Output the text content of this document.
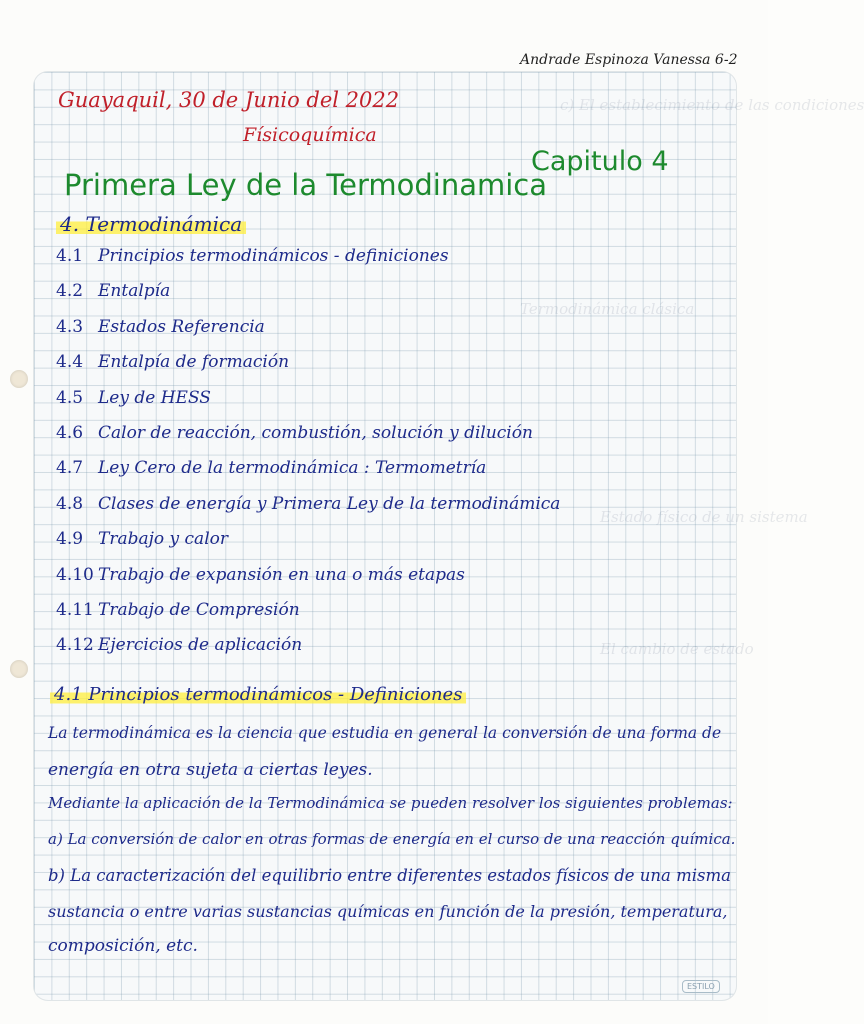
c) El establecimiento de las condiciones
Termodinámica clásica
Estado físico de un sistema
El cambio de estado
Andrade Espinoza Vanessa 6-2
Guayaquil, 30 de Junio del 2022
Físicoquímica
Capitulo 4
Primera Ley de la Termodinamica
4. Termodinámica
4.1 Principios termodinámicos - definiciones
4.2 Entalpía
4.3 Estados Referencia
4.4 Entalpía de formación
4.5 Ley de HESS
4.6 Calor de reacción, combustión, solución y dilución
4.7 Ley Cero de la termodinámica : Termometría
4.8 Clases de energía y Primera Ley de la termodinámica
4.9 Trabajo y calor
4.10 Trabajo de expansión en una o más etapas
4.11 Trabajo de Compresión
4.12 Ejercicios de aplicación
4.1 Principios termodinámicos - Definiciones
La termodinámica es la ciencia que estudia en general la conversión de una forma de
energía en otra sujeta a ciertas leyes.
Mediante la aplicación de la Termodinámica se pueden resolver los siguientes problemas:
a) La conversión de calor en otras formas de energía en el curso de una reacción química.
b) La caracterización del equilibrio entre diferentes estados físicos de una misma
sustancia o entre varias sustancias químicas en función de la presión, temperatura,
composición, etc.
ESTILO
